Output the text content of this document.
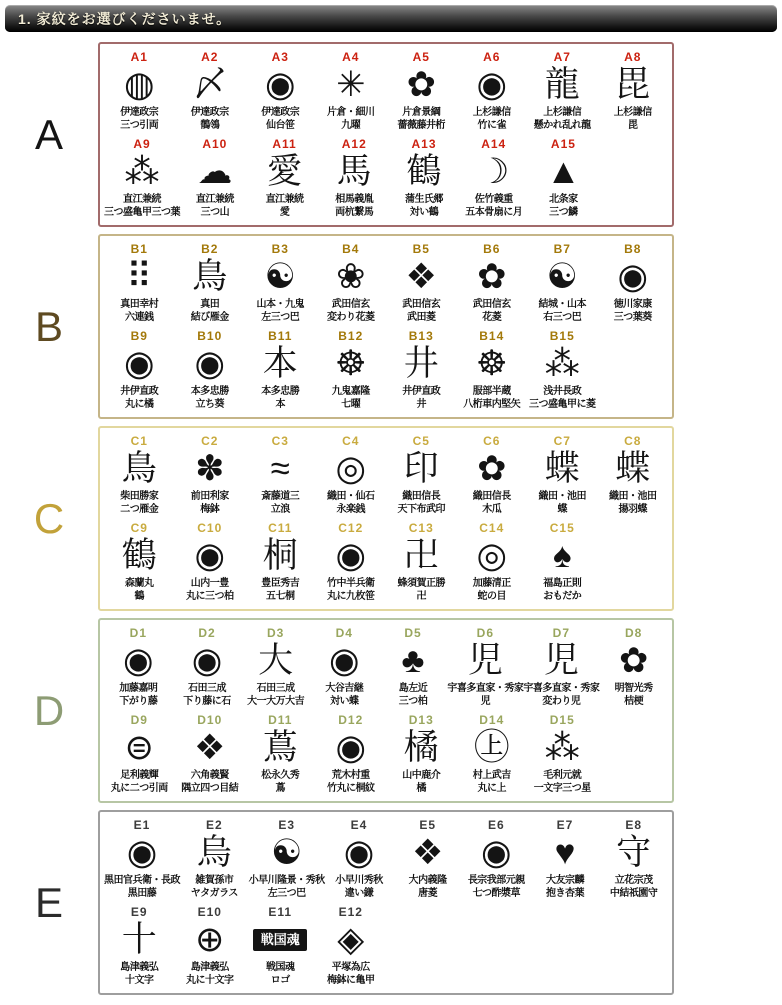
1. 家紋をお選びくださいませ。
A
A1
◍
伊達政宗
三つ引両
A2
〆
伊達政宗
鶺鴒
A3
◉
伊達政宗
仙台笹
A4
✳
片倉・細川
九曜
A5
✿
片倉景綱
薔薇藤井桁
A6
◉
上杉謙信
竹に雀
A7
龍
上杉謙信
懸かれ乱れ龍
A8
毘
上杉謙信
毘
A9
⁂
直江兼続
三つ盛亀甲三つ葉
A10
☁
直江兼続
三つ山
A11
愛
直江兼続
愛
A12
馬
相馬義胤
両杭繋馬
A13
鶴
蒲生氏郷
対い鶴
A14
☽
佐竹義重
五本骨扇に月
A15
▲
北条家
三つ鱗
B
B1
⠿
真田幸村
六連銭
B2
鳥
真田
結び雁金
B3
☯
山本・九鬼
左三つ巴
B4
❀
武田信玄
変わり花菱
B5
❖
武田信玄
武田菱
B6
✿
武田信玄
花菱
B7
☯
結城・山本
右三つ巴
B8
◉
徳川家康
三つ葉葵
B9
◉
井伊直政
丸に橘
B10
◉
本多忠勝
立ち葵
B11
本
本多忠勝
本
B12
☸
九鬼嘉隆
七曜
B13
井
井伊直政
井
B14
☸
服部半蔵
八桁車内堅矢
B15
⁂
浅井長政
三つ盛亀甲に菱
C
C1
鳥
柴田勝家
二つ雁金
C2
✽
前田利家
梅鉢
C3
≈
斎藤道三
立浪
C4
◎
織田・仙石
永楽銭
C5
印
織田信長
天下布武印
C6
✿
織田信長
木瓜
C7
蝶
織田・池田
蝶
C8
蝶
織田・池田
揚羽蝶
C9
鶴
森蘭丸
鶴
C10
◉
山内一豊
丸に三つ柏
C11
桐
豊臣秀吉
五七桐
C12
◉
竹中半兵衛
丸に九枚笹
C13
卍
蜂須賀正勝
卍
C14
◎
加藤清正
蛇の目
C15
♠
福島正則
おもだか
D
D1
◉
加藤嘉明
下がり藤
D2
◉
石田三成
下り藤に石
D3
大
石田三成
大一大万大吉
D4
◉
大谷吉継
対い蝶
D5
♣
島左近
三つ柏
D6
児
宇喜多直家・秀家
児
D7
児
宇喜多直家・秀家
変わり児
D8
✿
明智光秀
桔梗
D9
⊜
足利義輝
丸に二つ引両
D10
❖
六角義賢
隅立四つ目結
D11
蔦
松永久秀
蔦
D12
◉
荒木村重
竹丸に桐紋
D13
橘
山中鹿介
橘
D14
㊤
村上武吉
丸に上
D15
⁂
毛利元就
一文字三つ星
E
E1
◉
黒田官兵衛・長政
黒田藤
E2
烏
雑賀孫市
ヤタガラス
E3
☯
小早川隆景・秀秋
左三つ巴
E4
◉
小早川秀秋
違い鎌
E5
❖
大内義隆
唐菱
E6
◉
長宗我部元親
七つ酢漿草
E7
♥
大友宗麟
抱き杏葉
E8
守
立花宗茂
中結祇園守
E9
十
島津義弘
十文字
E10
⊕
島津義弘
丸に十文字
E11
戦国魂
戦国魂
ロゴ
E12
◈
平塚為広
梅鉢に亀甲
